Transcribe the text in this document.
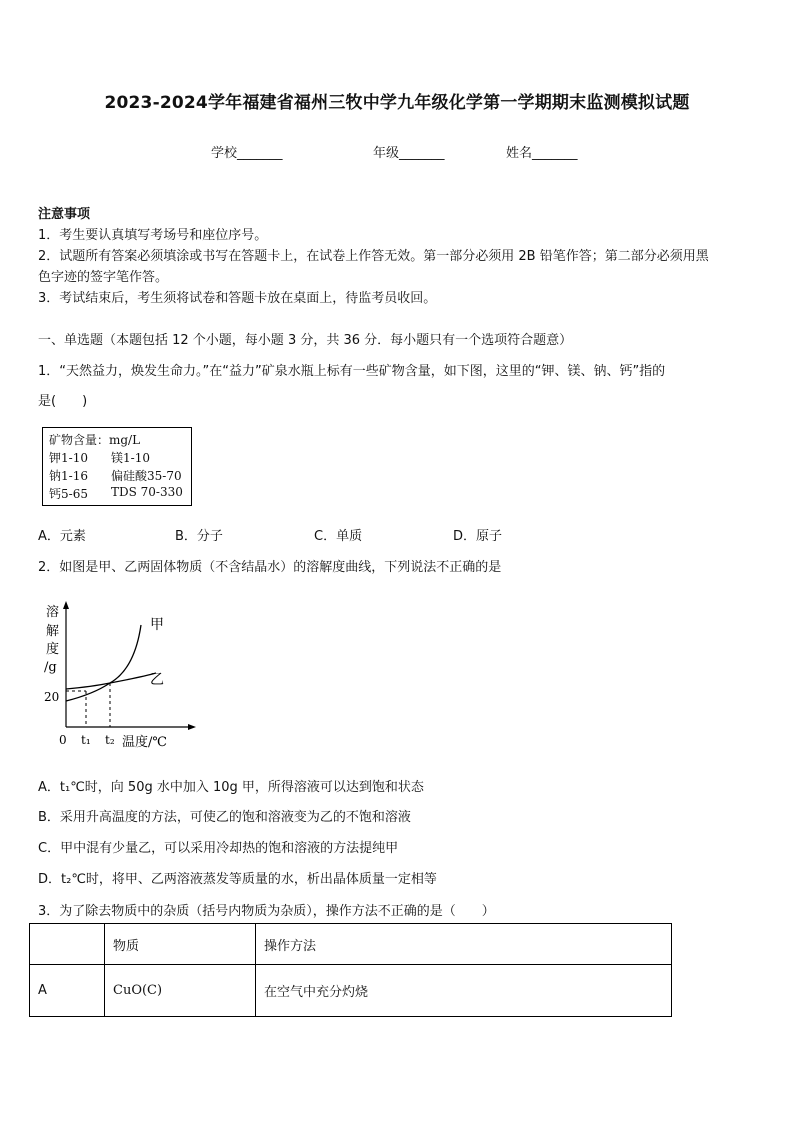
2023-2024学年福建省福州三牧中学九年级化学第一学期期末监测模拟试题
学校_______	年级_______	姓名_______
注意事项
1．考生要认真填写考场号和座位序号。
2．试题所有答案必须填涂或书写在答题卡上，在试卷上作答无效。第一部分必须用 2B 铅笔作答；第二部分必须用黑
色字迹的签字笔作答。
3．考试结束后，考生须将试卷和答题卡放在桌面上，待监考员收回。
一、单选题（本题包括 12 个小题，每小题 3 分，共 36 分．每小题只有一个选项符合题意）
1．“天然益力，焕发生命力。”在“益力”矿泉水瓶上标有一些矿物含量，如下图，这里的“钾、镁、钠、钙”指的
是(　　)
矿物含量：mg/L
钾1-10 镁1-10
钠1-16 偏硅酸35-70
钙5-65 TDS 70-330
A．元素	B．分子	C．单质	D．原子
2．如图是甲、乙两固体物质（不含结晶水）的溶解度曲线，下列说法不正确的是
溶
解
度
/g
20
0 t₁ t₂ 温度/℃
甲
乙
A．t₁℃时，向 50g 水中加入 10g 甲，所得溶液可以达到饱和状态
B．采用升高温度的方法，可使乙的饱和溶液变为乙的不饱和溶液
C．甲中混有少量乙，可以采用冷却热的饱和溶液的方法提纯甲
D．t₂℃时，将甲、乙两溶液蒸发等质量的水，析出晶体质量一定相等
3．为了除去物质中的杂质（括号内物质为杂质），操作方法不正确的是（　　）
	物质	操作方法
A	CuO(C)	在空气中充分灼烧
